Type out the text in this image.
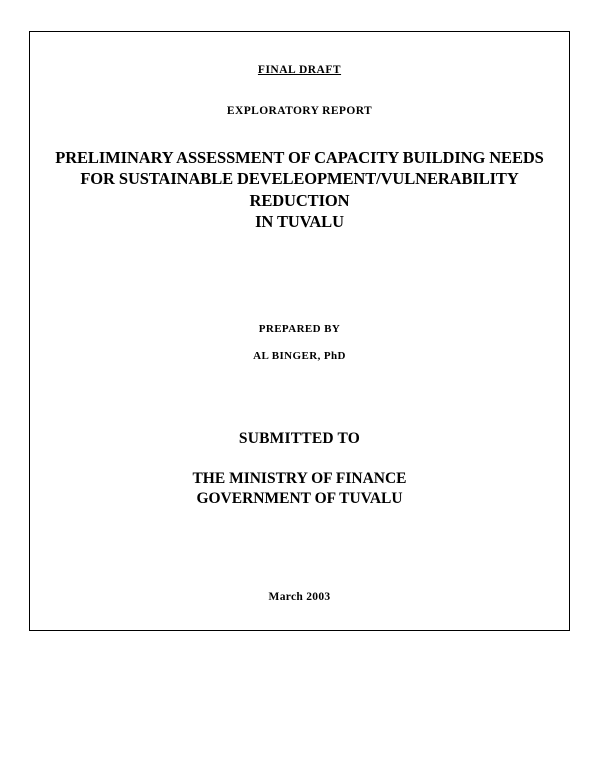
FINAL DRAFT
EXPLORATORY REPORT
PRELIMINARY ASSESSMENT OF CAPACITY BUILDING NEEDS
FOR SUSTAINABLE DEVELEOPMENT/VULNERABILITY REDUCTION
IN TUVALU
PREPARED BY
AL BINGER, PhD
SUBMITTED TO
THE MINISTRY OF FINANCE
GOVERNMENT OF TUVALU
March 2003
